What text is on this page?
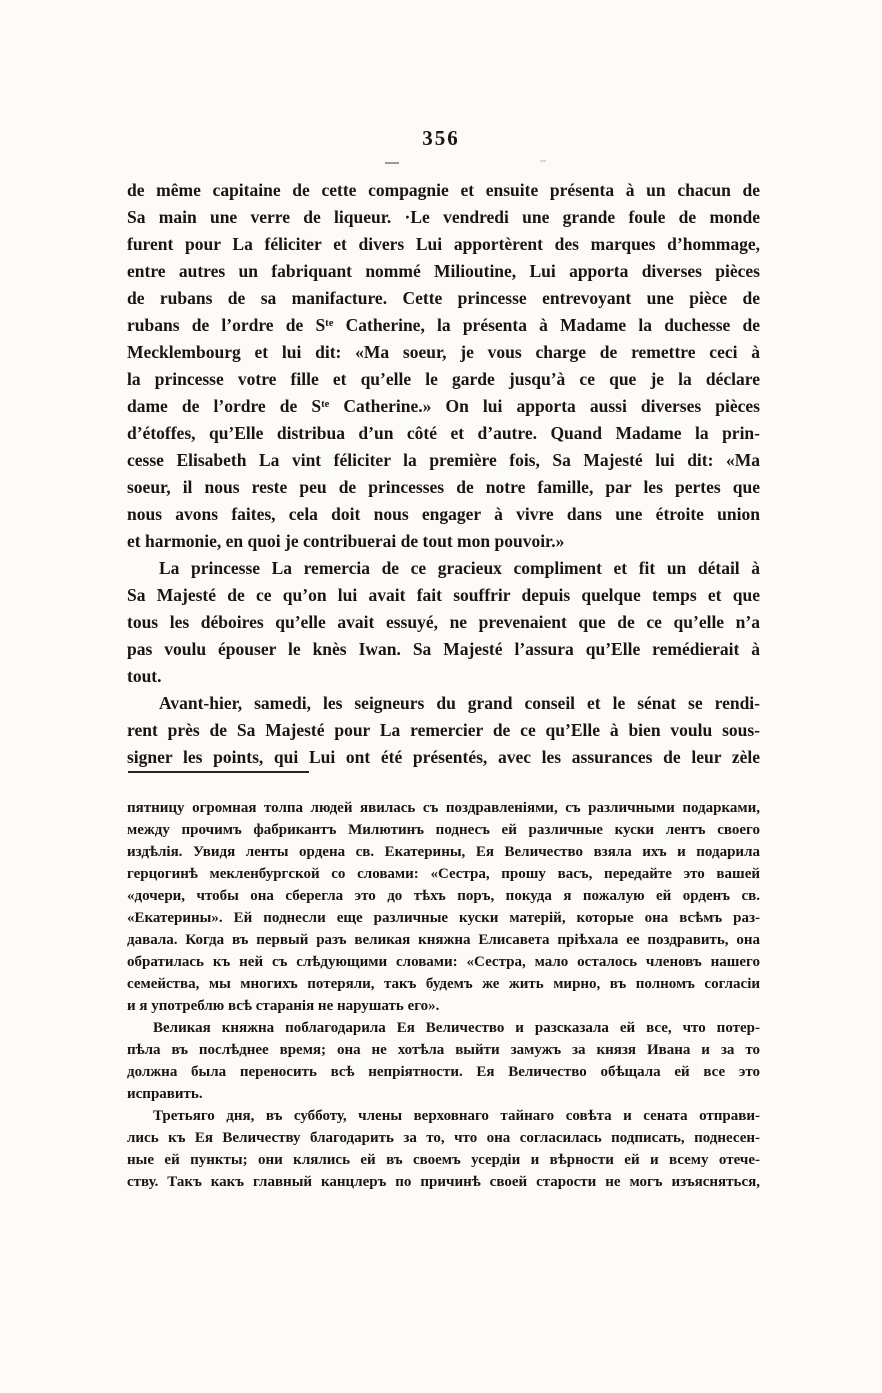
356
de même capitaine de cette compagnie et ensuite présenta à un chacun de
Sa main une verre de liqueur. ·Le vendredi une grande foule de monde
furent pour La féliciter et divers Lui apportèrent des marques d’hommage,
entre autres un fabriquant nommé Milioutine, Lui apporta diverses pièces
de rubans de sa manifacture. Cette princesse entrevoyant une pièce de
rubans de l’ordre de Sᵗᵉ Catherine, la présenta à Madame la duchesse de
Mecklembourg et lui dit: «Ma soeur, je vous charge de remettre ceci à
la princesse votre fille et qu’elle le garde jusqu’à ce que je la déclare
dame de l’ordre de Sᵗᵉ Catherine.» On lui apporta aussi diverses pièces
d’étoffes, qu’Elle distribua d’un côté et d’autre. Quand Madame la prin-
cesse Elisabeth La vint féliciter la première fois, Sa Majesté lui dit: «Ma
soeur, il nous reste peu de princesses de notre famille, par les pertes que
nous avons faites, cela doit nous engager à vivre dans une étroite union
et harmonie, en quoi je contribuerai de tout mon pouvoir.»
La princesse La remercia de ce gracieux compliment et fit un détail à
Sa Majesté de ce qu’on lui avait fait souffrir depuis quelque temps et que
tous les déboires qu’elle avait essuyé, ne prevenaient que de ce qu’elle n’a
pas voulu épouser le knès Iwan. Sa Majesté l’assura qu’Elle remédierait à
tout.
Avant-hier, samedi, les seigneurs du grand conseil et le sénat se rendi-
rent près de Sa Majesté pour La remercier de ce qu’Elle à bien voulu sous-
signer les points, qui Lui ont été présentés, avec les assurances de leur zèle
пятницу огромная толпа людей явилась съ поздравленіями, съ различными подарками,
между прочимъ фабрикантъ Милютинъ поднесъ ей различные куски лентъ своего
издѣлія. Увидя ленты ордена св. Екатерины, Ея Величество взяла ихъ и подарила
герцогинѣ мекленбургской со словами: «Сестра, прошу васъ, передайте это вашей
«дочери, чтобы она сберегла это до тѣхъ поръ, покуда я пожалую ей орденъ св.
«Екатерины». Ей поднесли еще различные куски матерій, которые она всѣмъ раз-
давала. Когда въ первый разъ великая княжна Елисавета пріѣхала ее поздравить, она
обратилась къ ней съ слѣдующими словами: «Сестра, мало осталось членовъ нашего
семейства, мы многихъ потеряли, такъ будемъ же жить мирно, въ полномъ согласіи
и я употреблю всѣ старанія не нарушать его».
Великая княжна поблагодарила Ея Величество и разсказала ей все, что потер-
пѣла въ послѣднее время; она не хотѣла выйти замужъ за князя Ивана и за то
должна была переносить всѣ непріятности. Ея Величество обѣщала ей все это
исправить.
Третьяго дня, въ субботу, члены верховнаго тайнаго совѣта и сената отправи-
лись къ Ея Величеству благодарить за то, что она согласилась подписать, поднесен-
ные ей пункты; они клялись ей въ своемъ усердіи и вѣрности ей и всему отече-
ству. Такъ какъ главный канцлеръ по причинѣ своей старости не могъ изъясняться,
